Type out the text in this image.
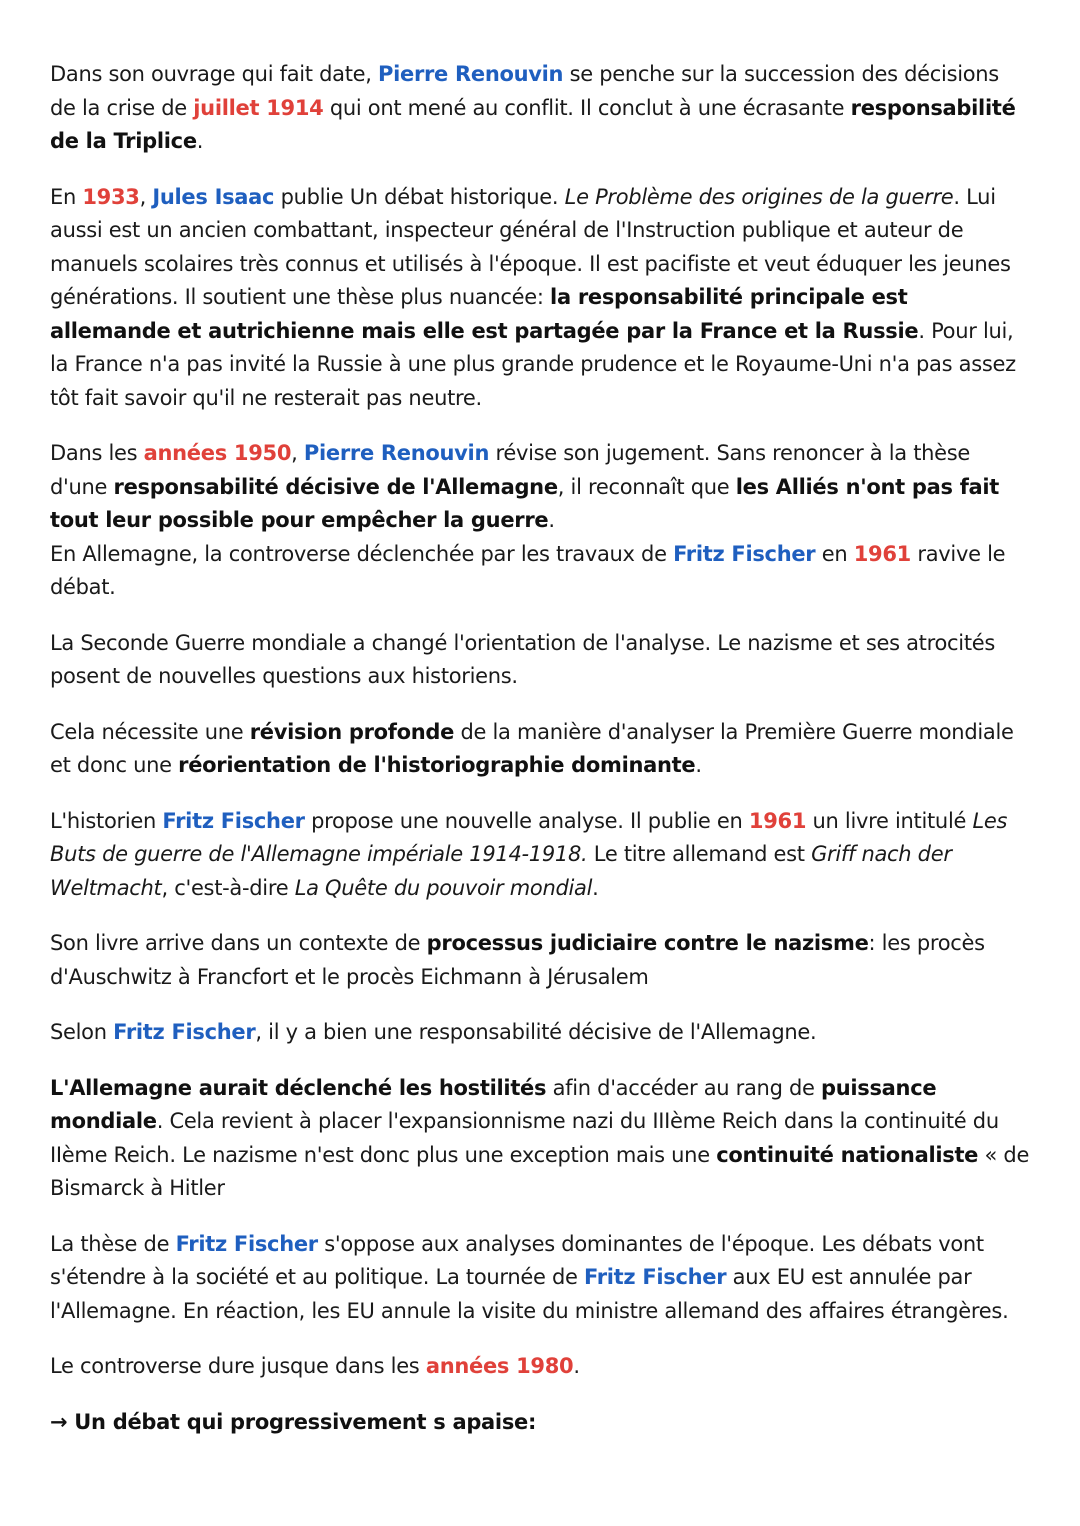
Dans son ouvrage qui fait date, Pierre Renouvin se penche sur la succession des décisions de la crise de juillet 1914 qui ont mené au conflit. Il conclut à une écrasante responsabilité de la Triplice.

En 1933, Jules Isaac publie Un débat historique. Le Problème des origines de la guerre. Lui aussi est un ancien combattant, inspecteur général de l'Instruction publique et auteur de manuels scolaires très connus et utilisés à l'époque. Il est pacifiste et veut éduquer les jeunes générations. Il soutient une thèse plus nuancée: la responsabilité principale est allemande et autrichienne mais elle est partagée par la France et la Russie. Pour lui, la France n'a pas invité la Russie à une plus grande prudence et le Royaume-Uni n'a pas assez tôt fait savoir qu'il ne resterait pas neutre.

Dans les années 1950, Pierre Renouvin révise son jugement. Sans renoncer à la thèse d'une responsabilité décisive de l'Allemagne, il reconnaît que les Alliés n'ont pas fait tout leur possible pour empêcher la guerre.

En Allemagne, la controverse déclenchée par les travaux de Fritz Fischer en 1961 ravive le débat.

La Seconde Guerre mondiale a changé l'orientation de l'analyse. Le nazisme et ses atrocités posent de nouvelles questions aux historiens.

Cela nécessite une révision profonde de la manière d'analyser la Première Guerre mondiale et donc une réorientation de l'historiographie dominante.

L'historien Fritz Fischer propose une nouvelle analyse. Il publie en 1961 un livre intitulé Les Buts de guerre de l'Allemagne impériale 1914-1918. Le titre allemand est Griff nach der Weltmacht, c'est-à-dire La Quête du pouvoir mondial.

Son livre arrive dans un contexte de processus judiciaire contre le nazisme: les procès d'Auschwitz à Francfort et le procès Eichmann à Jérusalem

Selon Fritz Fischer, il y a bien une responsabilité décisive de l'Allemagne.

L'Allemagne aurait déclenché les hostilités afin d'accéder au rang de puissance mondiale. Cela revient à placer l'expansionnisme nazi du IIIème Reich dans la continuité du IIème Reich. Le nazisme n'est donc plus une exception mais une continuité nationaliste « de Bismarck à Hitler

La thèse de Fritz Fischer s'oppose aux analyses dominantes de l'époque. Les débats vont s'étendre à la société et au politique. La tournée de Fritz Fischer aux EU est annulée par l'Allemagne. En réaction, les EU annule la visite du ministre allemand des affaires étrangères.

Le controverse dure jusque dans les années 1980.

→ Un débat qui progressivement s apaise:
